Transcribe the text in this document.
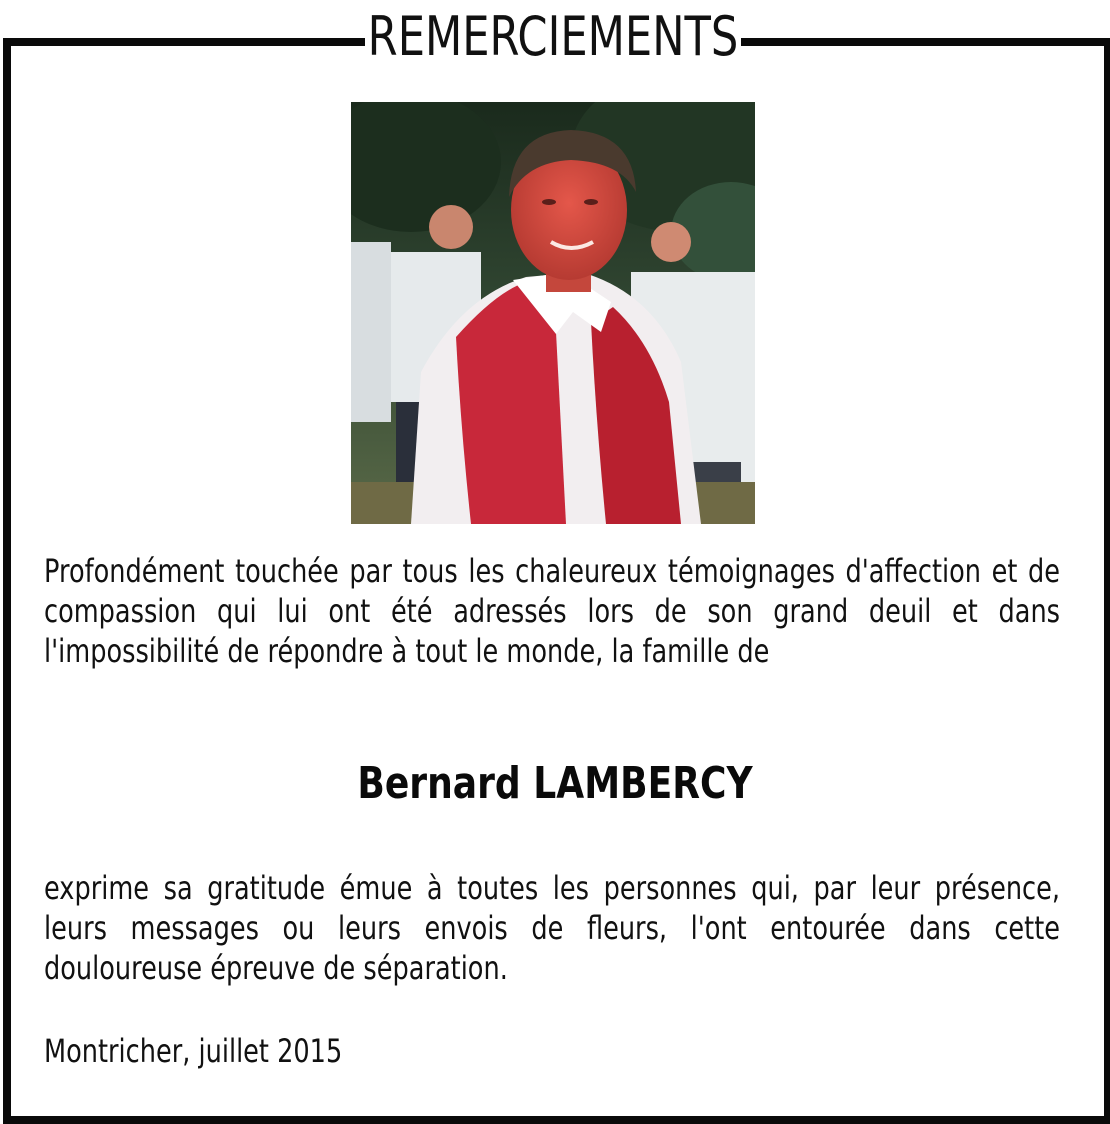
REMERCIEMENTS
Profondément touchée par tous les chaleureux témoignages d'affection et de compassion qui lui ont été adressés lors de son grand deuil et dans l'impossibilité de répondre à tout le monde, la famille de
Bernard LAMBERCY
exprime sa gratitude émue à toutes les personnes qui, par leur présence, leurs messages ou leurs envois de fleurs, l'ont entourée dans cette douloureuse épreuve de séparation.
Montricher, juillet 2015
